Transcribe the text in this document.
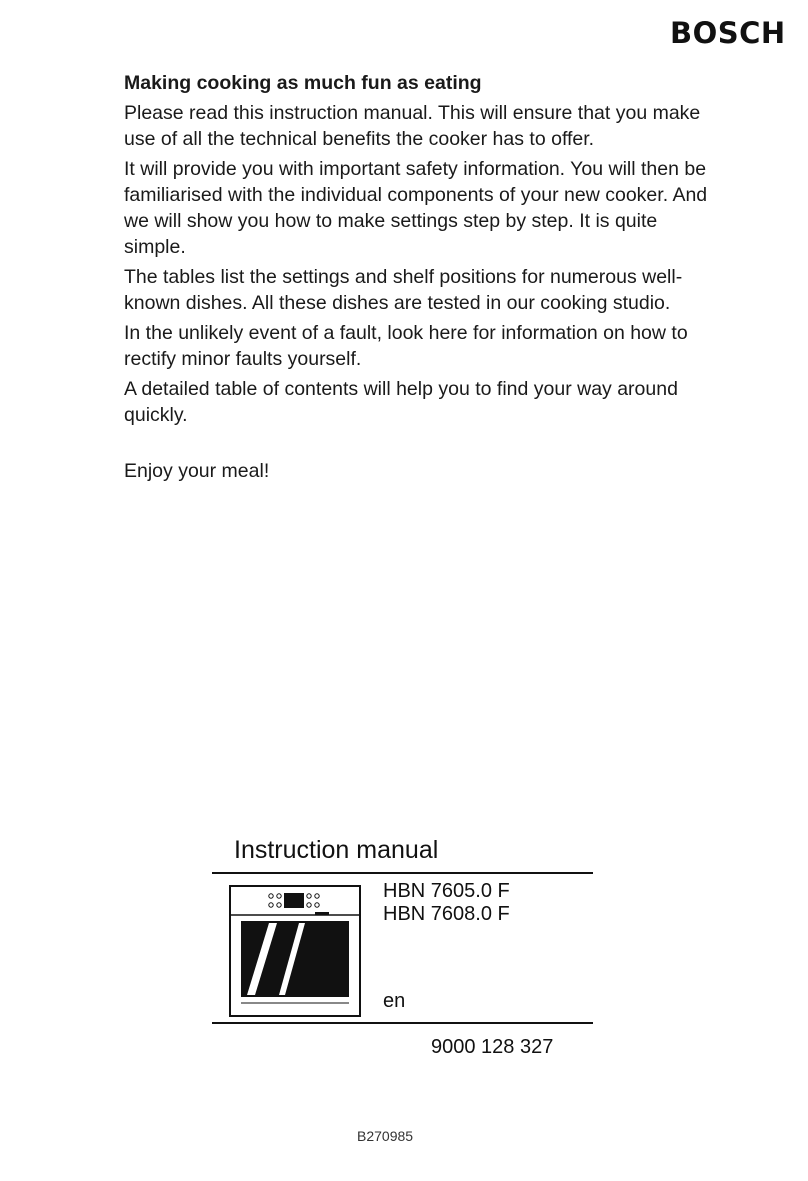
BOSCH
Making cooking as much fun as eating

Please read this instruction manual. This will ensure that you make use of all the technical benefits the cooker has to offer.

It will provide you with important safety information. You will then be familiarised with the individual components of your new cooker. And we will show you how to make settings step by step. It is quite simple.

The tables list the settings and shelf positions for numerous well-known dishes. All these dishes are tested in our cooking studio.

In the unlikely event of a fault, look here for information on how to rectify minor faults yourself.

A detailed table of contents will help you to find your way around quickly.

Enjoy your meal!

Instruction manual
HBN 7605.0 F
HBN 7608.0 F
en
9000 128 327
B270985
